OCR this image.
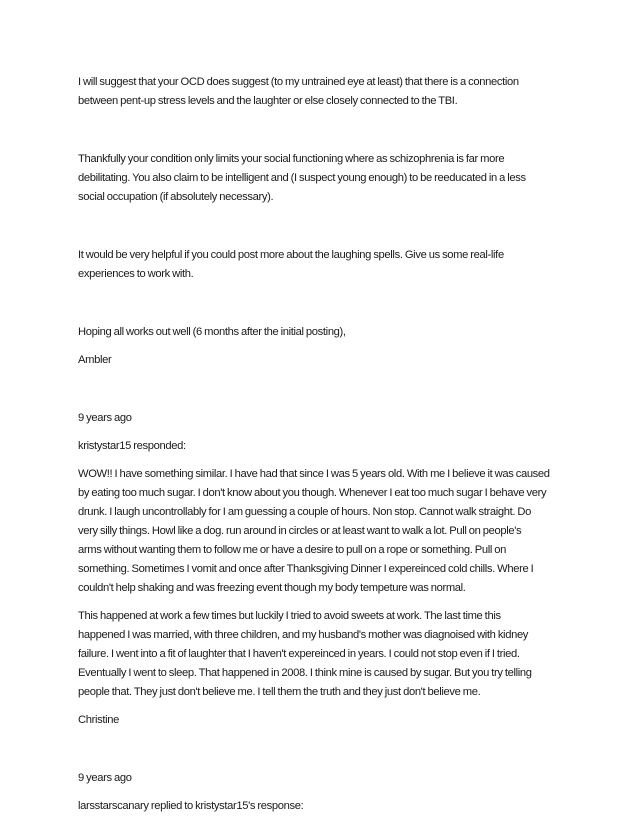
I will suggest that your OCD does suggest (to my untrained eye at least) that there is a connection
between pent-up stress levels and the laughter or else closely connected to the TBI.

Thankfully your condition only limits your social functioning where as schizophrenia is far more
debilitating. You also claim to be intelligent and (I suspect young enough) to be reeducated in a less
social occupation (if absolutely necessary).

It would be very helpful if you could post more about the laughing spells. Give us some real-life
experiences to work with.

Hoping all works out well (6 months after the initial posting),

Ambler

9 years ago

kristystar15 responded:

WOW!! I have something similar. I have had that since I was 5 years old. With me I believe it was caused
by eating too much sugar. I don't know about you though. Whenever I eat too much sugar I behave very
drunk. I laugh uncontrollably for I am guessing a couple of hours. Non stop. Cannot walk straight. Do
very silly things. Howl like a dog. run around in circles or at least want to walk a lot. Pull on people's
arms without wanting them to follow me or have a desire to pull on a rope or something. Pull on
something. Sometimes I vomit and once after Thanksgiving Dinner I expereinced cold chills. Where I
couldn't help shaking and was freezing event though my body tempeture was normal.

This happened at work a few times but luckily I tried to avoid sweets at work. The last time this
happened I was married, with three children, and my husband's mother was diagnoised with kidney
failure. I went into a fit of laughter that I haven't expereinced in years. I could not stop even if I tried.
Eventually I went to sleep. That happened in 2008. I think mine is caused by sugar. But you try telling
people that. They just don't believe me. I tell them the truth and they just don't believe me.

Christine

9 years ago

larsstarscanary replied to kristystar15's response:
